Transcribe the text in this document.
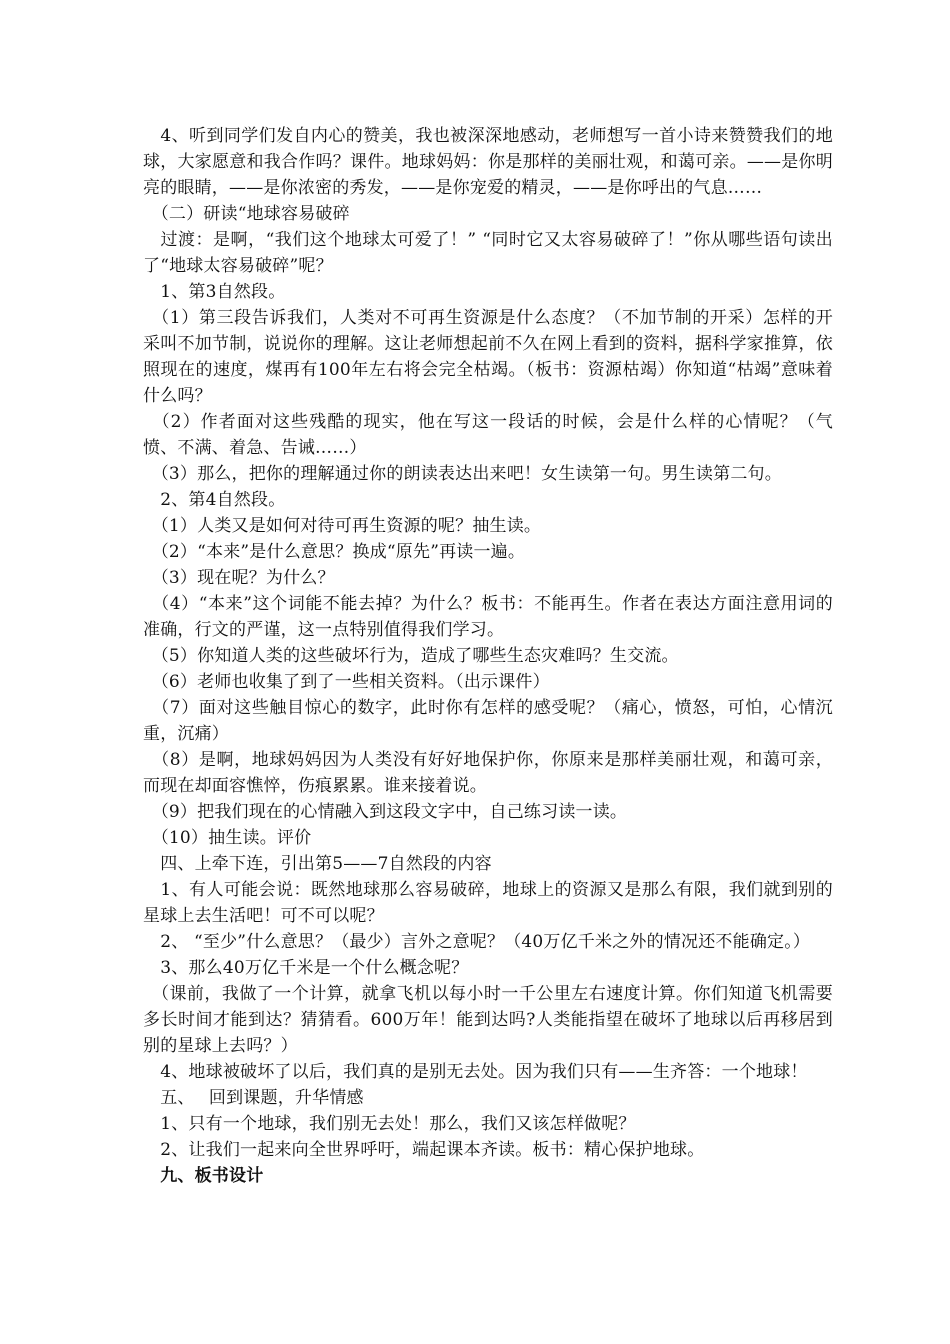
　4、听到同学们发自内心的赞美，我也被深深地感动，老师想写一首小诗来赞赞我们的地球，大家愿意和我合作吗？课件。地球妈妈：你是那样的美丽壮观，和蔼可亲。——是你明亮的眼睛，——是你浓密的秀发，——是你宠爱的精灵，——是你呼出的气息……

　（二）研读“地球容易破碎

　过渡：是啊，“我们这个地球太可爱了！” “同时它又太容易破碎了！”你从哪些语句读出了“地球太容易破碎”呢？

　1、第3自然段。

　（1）第三段告诉我们，人类对不可再生资源是什么态度？（不加节制的开采）怎样的开采叫不加节制，说说你的理解。这让老师想起前不久在网上看到的资料，据科学家推算，依照现在的速度，煤再有100年左右将会完全枯竭。（板书：资源枯竭）你知道“枯竭”意味着什么吗？

　（2）作者面对这些残酷的现实，他在写这一段话的时候，会是什么样的心情呢？（气愤、不满、着急、告诫……）

　（3）那么，把你的理解通过你的朗读表达出来吧！女生读第一句。男生读第二句。

　2、第4自然段。

　（1）人类又是如何对待可再生资源的呢？抽生读。

　（2）“本来”是什么意思？换成“原先”再读一遍。

　（3）现在呢？为什么？

　（4）“本来”这个词能不能去掉？为什么？板书：不能再生。作者在表达方面注意用词的准确，行文的严谨，这一点特别值得我们学习。

　（5）你知道人类的这些破坏行为，造成了哪些生态灾难吗？生交流。

　（6）老师也收集了到了一些相关资料。（出示课件）

　（7）面对这些触目惊心的数字，此时你有怎样的感受呢？（痛心，愤怒，可怕，心情沉重，沉痛）

　（8）是啊，地球妈妈因为人类没有好好地保护你，你原来是那样美丽壮观，和蔼可亲，而现在却面容憔悴，伤痕累累。谁来接着说。

　（9）把我们现在的心情融入到这段文字中，自己练习读一读。

　（10）抽生读。评价

　四、上牵下连，引出第5——7自然段的内容

　1、有人可能会说：既然地球那么容易破碎，地球上的资源又是那么有限，我们就到别的星球上去生活吧！可不可以呢？

　2、 “至少”什么意思？（最少）言外之意呢？（40万亿千米之外的情况还不能确定。）

　3、那么40万亿千米是一个什么概念呢？

　（课前，我做了一个计算，就拿飞机以每小时一千公里左右速度计算。你们知道飞机需要多长时间才能到达？猜猜看。600万年！能到达吗?人类能指望在破坏了地球以后再移居到别的星球上去吗？）

　4、地球被破坏了以后，我们真的是别无去处。因为我们只有——生齐答：一个地球！

　五、　 回到课题，升华情感

　1、只有一个地球，我们别无去处！那么，我们又该怎样做呢？

　2、让我们一起来向全世界呼吁，端起课本齐读。板书：精心保护地球。

　九、板书设计
